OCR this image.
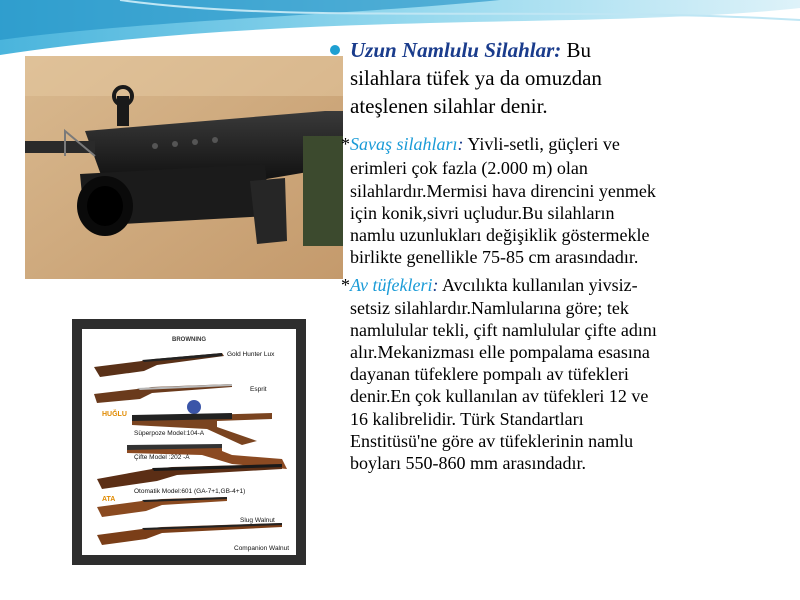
BROWNING
Gold Hunter Lux
Esprit
HUĞLU
Süperpoze Model:104-A
Çifte Model :202 -A
Otomatik Model:601 (GA-7+1,GB-4+1)
ATA
Slug Walnut
Companion Walnut
Uzun Namlulu Silahlar: Bu
silahlara tüfek ya da omuzdan
ateşlenen silahlar denir.
*Savaş silahları: Yivli-setli, güçleri ve
erimleri çok fazla (2.000 m) olan
silahlardır.Mermisi hava direncini yenmek
için konik,sivri uçludur.Bu silahların
namlu uzunlukları değişiklik göstermekle
birlikte genellikle 75-85 cm arasındadır.
*Av tüfekleri: Avcılıkta kullanılan yivsiz-
setsiz silahlardır.Namlularına göre; tek
namlulular tekli, çift namlulular çifte adını
alır.Mekanizması elle pompalama esasına
dayanan tüfeklere pompalı av tüfekleri
denir.En çok kullanılan av tüfekleri 12 ve
16 kalibrelidir. Türk Standartları
Enstitüsü'ne göre av tüfeklerinin namlu
boyları 550-860 mm arasındadır.
